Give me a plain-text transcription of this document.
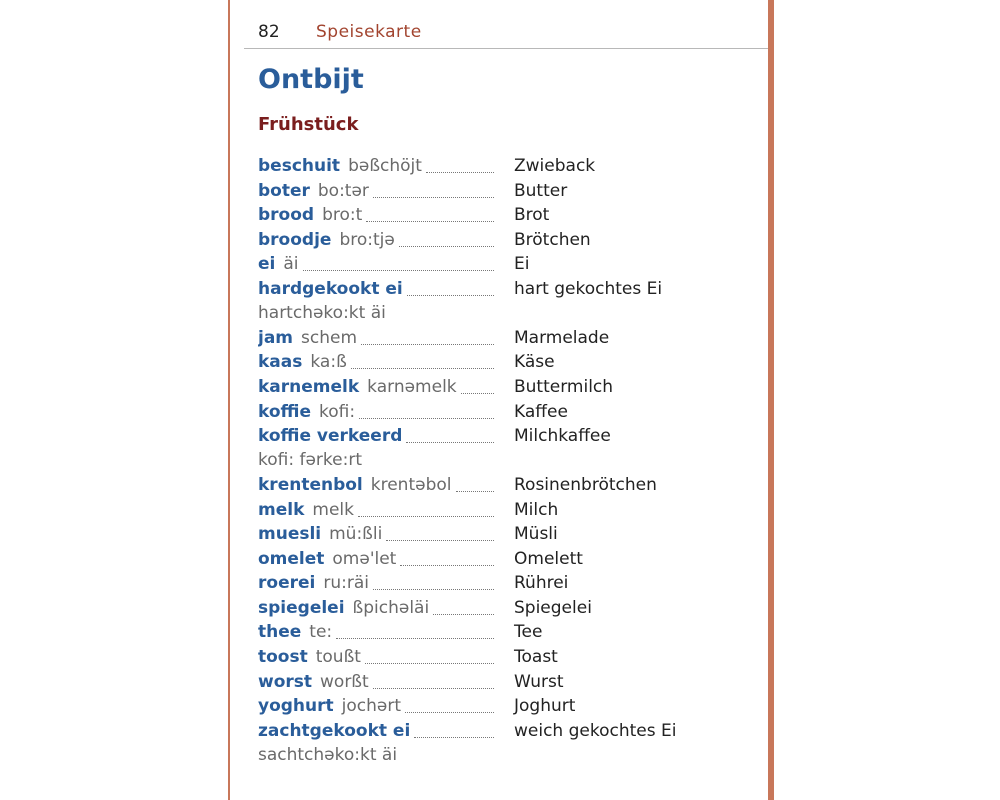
82 Speisekarte
Ontbijt
Frühstück
beschuit bəßchöjt	Zwieback
boter bo:tər	Butter
brood bro:t	Brot
broodje bro:tjə	Brötchen
ei äi	Ei
hardgekookt ei	hart gekochtes Ei
hartchəko:kt äi
jam schem	Marmelade
kaas ka:ß	Käse
karnemelk karnəmelk	Buttermilch
koffie kofi:	Kaffee
koffie verkeerd	Milchkaffee
kofi: fərke:rt
krentenbol krentəbol	Rosinenbrötchen
melk melk	Milch
muesli mü:ßli	Müsli
omelet omə'let	Omelett
roerei ru:räi	Rührei
spiegelei ßpichəläi	Spiegelei
thee te:	Tee
toost toußt	Toast
worst worßt	Wurst
yoghurt jochərt	Joghurt
zachtgekookt ei	weich gekochtes Ei
sachtchəko:kt äi
